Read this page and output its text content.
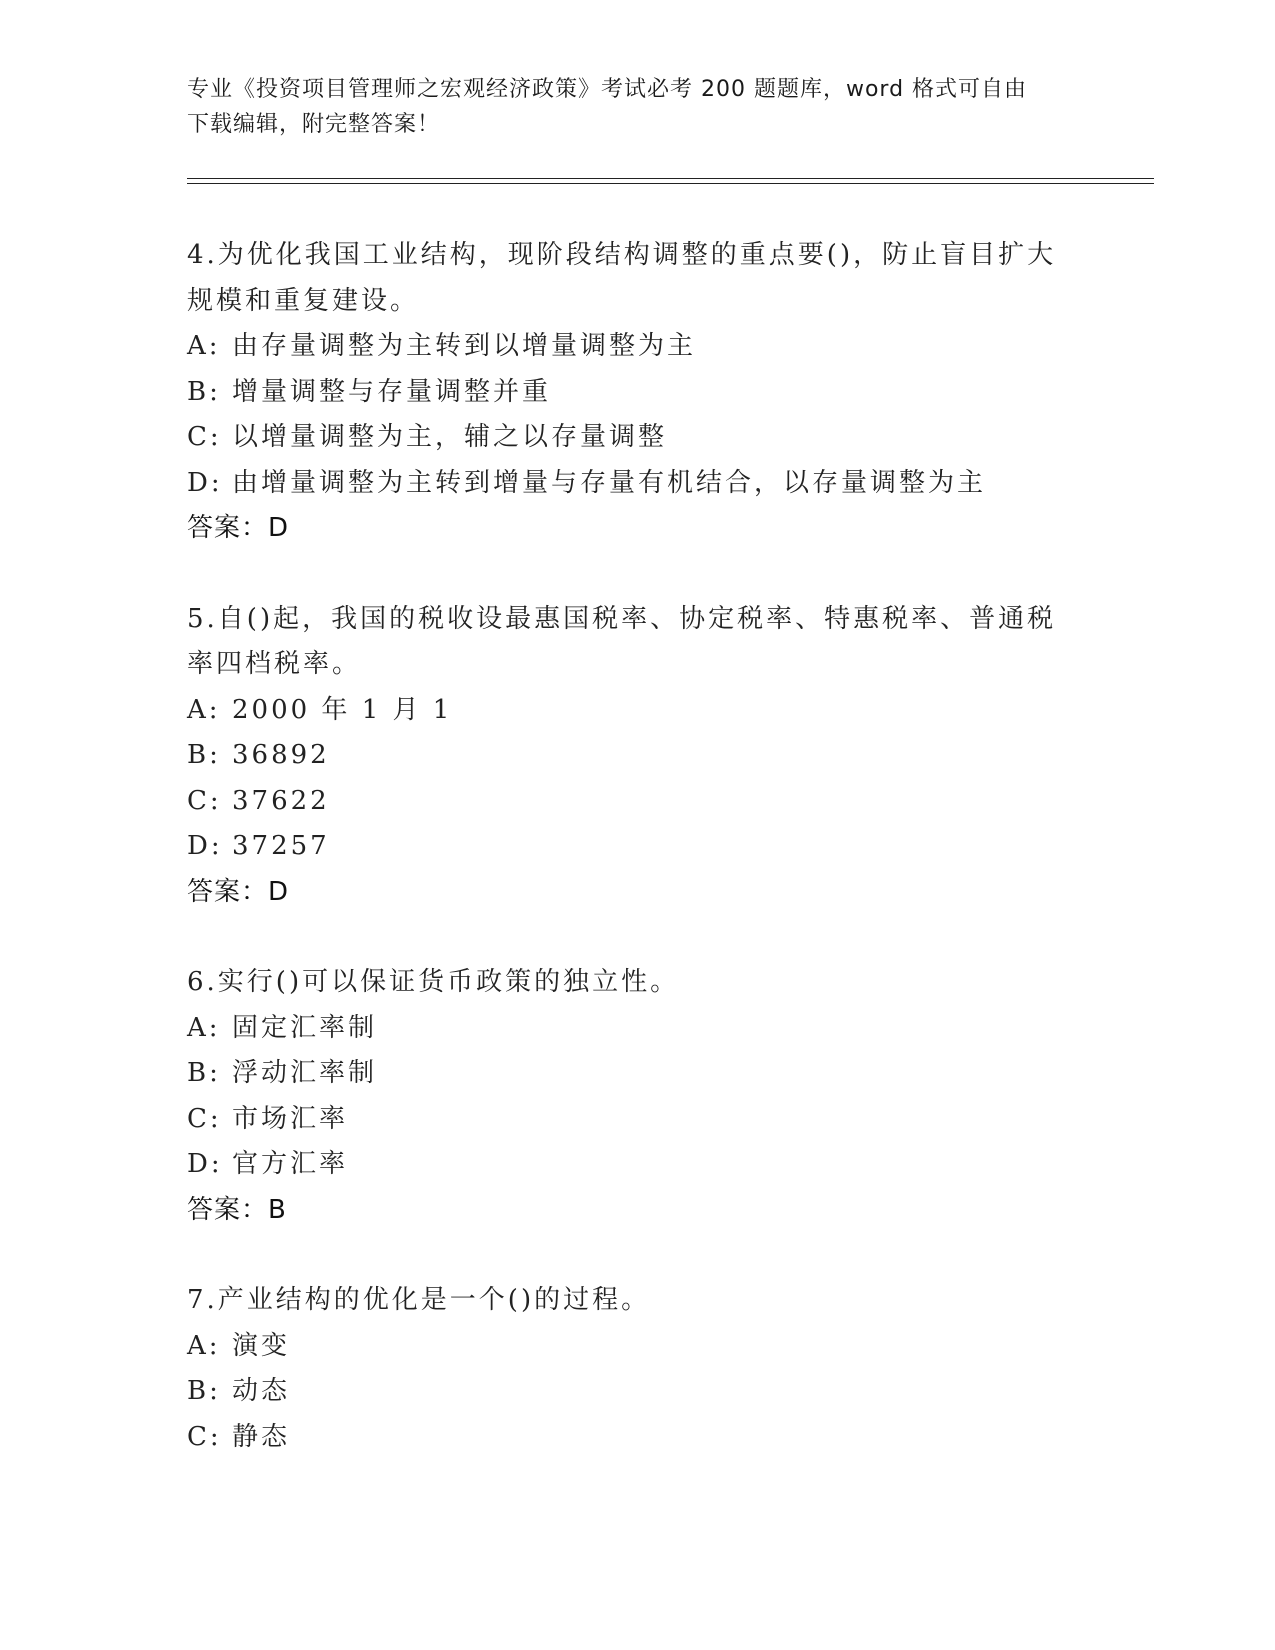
专业《投资项目管理师之宏观经济政策》考试必考 200 题题库，word 格式可自由
下载编辑，附完整答案！
4.为优化我国工业结构，现阶段结构调整的重点要()，防止盲目扩大
规模和重复建设。
A: 由存量调整为主转到以增量调整为主
B: 增量调整与存量调整并重
C: 以增量调整为主，辅之以存量调整
D: 由增量调整为主转到增量与存量有机结合，以存量调整为主
答案：D
5.自()起，我国的税收设最惠国税率、协定税率、特惠税率、普通税
率四档税率。
A: 2000 年 1 月 1
B: 36892
C: 37622
D: 37257
答案：D
6.实行()可以保证货币政策的独立性。
A: 固定汇率制
B: 浮动汇率制
C: 市场汇率
D: 官方汇率
答案：B
7.产业结构的优化是一个()的过程。
A: 演变
B: 动态
C: 静态
